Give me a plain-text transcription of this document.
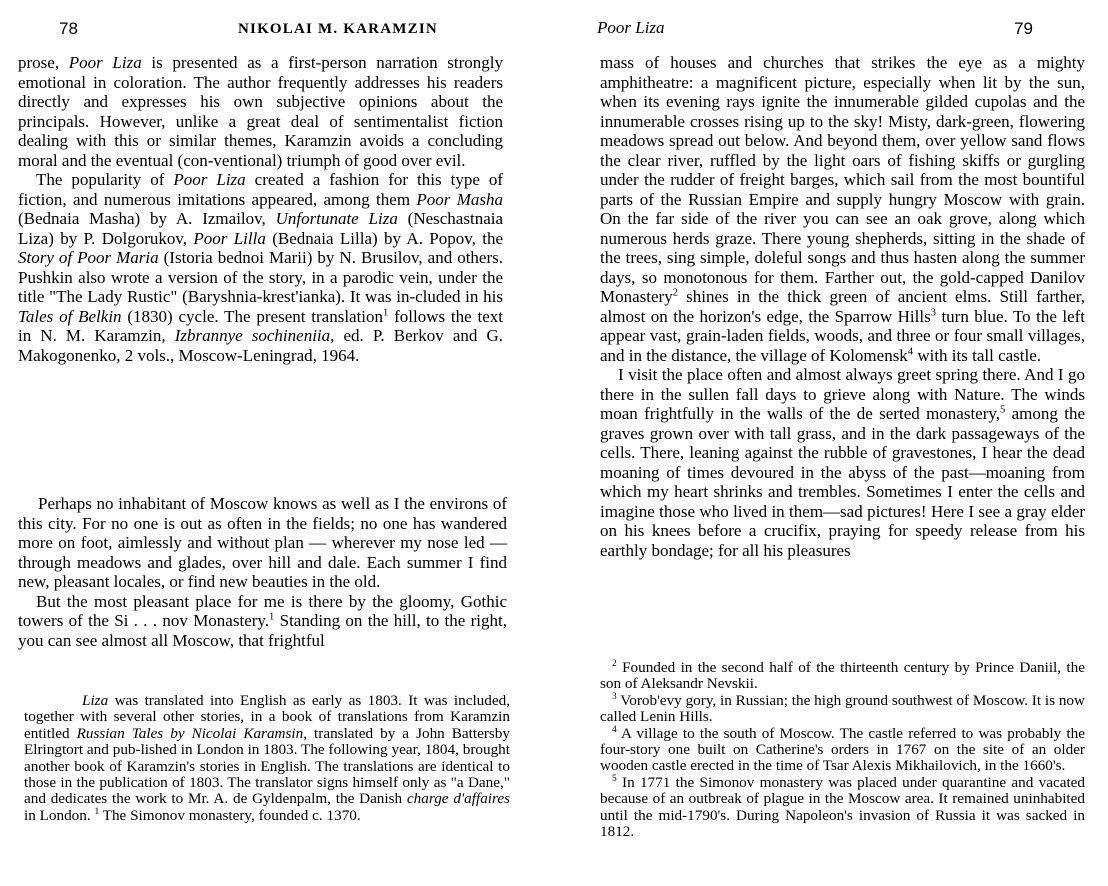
78	NIKOLAI M. KARAMZIN

prose, Poor Liza is presented as a first-person narration strongly emotional in coloration. The author frequently addresses his readers directly and expresses his own subjective opinions about the principals. However, unlike a great deal of sentimentalist fiction dealing with this or similar themes, Karamzin avoids a concluding moral and the eventual (con-ventional) triumph of good over evil.

The popularity of Poor Liza created a fashion for this type of fiction, and numerous imitations appeared, among them Poor Masha (Bednaia Masha) by A. Izmailov, Unfortunate Liza (Neschastnaia Liza) by P. Dolgorukov, Poor Lilla (Bednaia Lilla) by A. Popov, the Story of Poor Maria (Istoria bednoi Marii) by N. Brusilov, and others. Pushkin also wrote a version of the story, in a parodic vein, under the title "The Lady Rustic" (Baryshnia-krest'ianka). It was in-cluded in his Tales of Belkin (1830) cycle. The present translation$^1$ follows the text in N. M. Karamzin, Izbrannye sochineniia, ed. P. Berkov and G. Makogonenko, 2 vols., Moscow-Leningrad, 1964.

Perhaps no inhabitant of Moscow knows as well as I the environs of this city. For no one is out as often in the fields; no one has wandered more on foot, aimlessly and without plan — wherever my nose led — through meadows and glades, over hill and dale. Each summer I find new, pleasant locales, or find new beauties in the old.

But the most pleasant place for me is there by the gloomy, Gothic towers of the Si . . . nov Monastery.$^1$ Standing on the hill, to the right, you can see almost all Moscow, that frightful

Liza was translated into English as early as 1803. It was included, together with several other stories, in a book of translations from Karamzin entitled Russian Tales by Nicolai Karamsin, translated by a John Battersby Elringtort and pub-lished in London in 1803. The following year, 1804, brought another book of Karamzin's stories in English. The translations are identical to those in the publication of 1803. The translator signs himself only as "a Dane," and dedicates the work to Mr. A. de Gyldenpalm, the Danish charge d'affaires in London. $^1$ The Simonov monastery, founded c. 1370.

Poor Liza	79

mass of houses and churches that strikes the eye as a mighty amphitheatre: a magnificent picture, especially when lit by the sun, when its evening rays ignite the innumerable gilded cupolas and the innumerable crosses rising up to the sky! Misty, dark-green, flowering meadows spread out below. And beyond them, over yellow sand flows the clear river, ruffled by the light oars of fishing skiffs or gurgling under the rudder of freight barges, which sail from the most bountiful parts of the Russian Empire and supply hungry Moscow with grain. On the far side of the river you can see an oak grove, along which numerous herds graze. There young shepherds, sitting in the shade of the trees, sing simple, doleful songs and thus hasten along the summer days, so monotonous for them. Farther out, the gold-capped Danilov Monastery$^2$ shines in the thick green of ancient elms. Still farther, almost on the horizon's edge, the Sparrow Hills$^3$ turn blue. To the left appear vast, grain-laden fields, woods, and three or four small villages, and in the distance, the village of Kolomensk$^4$ with its tall castle.

I visit the place often and almost always greet spring there. And I go there in the sullen fall days to grieve along with Nature. The winds moan frightfully in the walls of the de serted monastery,$^5$ among the graves grown over with tall grass, and in the dark passageways of the cells. There, leaning against the rubble of gravestones, I hear the dead moaning of times devoured in the abyss of the past—moaning from which my heart shrinks and trembles. Sometimes I enter the cells and imagine those who lived in them—sad pictures! Here I see a gray elder on his knees before a crucifix, praying for speedy release from his earthly bondage; for all his pleasures

$^2$ Founded in the second half of the thirteenth century by Prince Daniil, the son of Aleksandr Nevskii.

$^3$ Vorob'evy gory, in Russian; the high ground southwest of Moscow. It is now called Lenin Hills.

$^4$ A village to the south of Moscow. The castle referred to was probably the four-story one built on Catherine's orders in 1767 on the site of an older wooden castle erected in the time of Tsar Alexis Mikhailovich, in the 1660's.

$^5$ In 1771 the Simonov monastery was placed under quarantine and vacated because of an outbreak of plague in the Moscow area. It remained uninhabited until the mid-1790's. During Napoleon's invasion of Russia it was sacked in 1812.
